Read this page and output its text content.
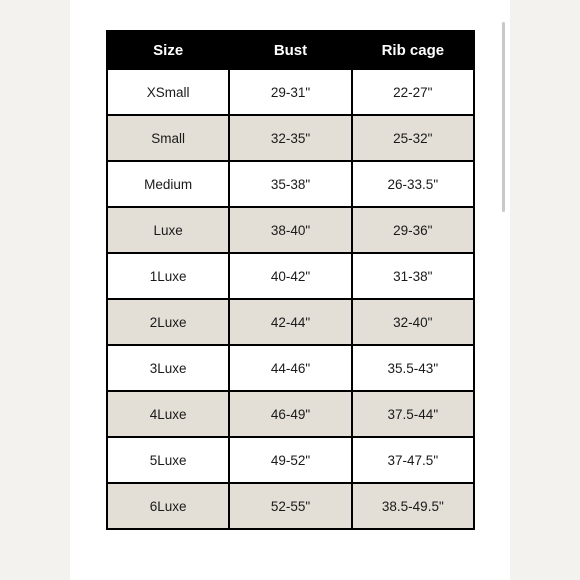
Size	Bust	Rib cage
XSmall	29-31"	22-27"
Small	32-35"	25-32"
Medium	35-38"	26-33.5"
Luxe	38-40"	29-36"
1Luxe	40-42"	31-38"
2Luxe	42-44"	32-40"
3Luxe	44-46"	35.5-43"
4Luxe	46-49"	37.5-44"
5Luxe	49-52"	37-47.5"
6Luxe	52-55"	38.5-49.5"
